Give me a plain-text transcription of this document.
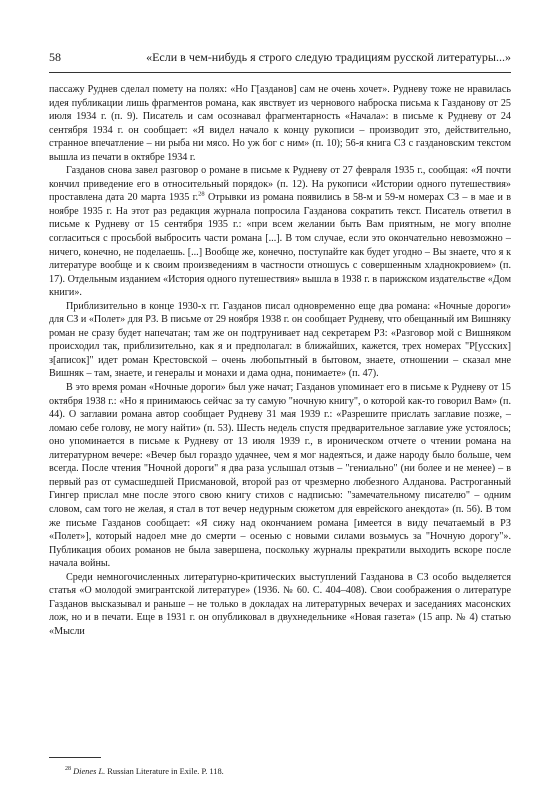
58	«Если в чем-нибудь я строго следую традициям русской литературы...»

пассажу Руднев сделал помету на полях: «Но Г[азданов] сам не очень хочет». Рудневу тоже не нравилась идея публикации лишь фрагментов романа, как явствует из чернового наброска письма к Газданову от 25 июля 1934 г. (п. 9). Писатель и сам осознавал фрагментарность «Начала»: в письме к Рудневу от 24 сентября 1934 г. он сообщает: «Я видел начало к концу рукописи – производит это, действительно, странное впечатление – ни рыба ни мясо. Но уж бог с ним» (п. 10); 56-я книга СЗ с газдановским текстом вышла из печати в октябре 1934 г.

Газданов снова завел разговор о романе в письме к Рудневу от 27 февраля 1935 г., сообщая: «Я почти кончил приведение его в относительный порядок» (п. 12). На рукописи «Истории одного путешествия» проставлена дата 20 марта 1935 г.$^{28}$ Отрывки из романа появились в 58-м и 59-м номерах СЗ – в мае и в ноябре 1935 г. На этот раз редакция журнала попросила Газданова сократить текст. Писатель ответил в письме к Рудневу от 15 сентября 1935 г.: «при всем желании быть Вам приятным, не могу вполне согласиться с просьбой выбросить части романа [...]. В том случае, если это окончательно невозможно – ничего, конечно, не поделаешь. [...] Вообще же, конечно, поступайте как будет угодно – Вы знаете, что я к литературе вообще и к своим произведениям в частности отношусь с совершенным хладнокровием» (п. 17). Отдельным изданием «История одного путешествия» вышла в 1938 г. в парижском издательстве «Дом книги».

Приблизительно в конце 1930-х гг. Газданов писал одновременно еще два романа: «Ночные дороги» для СЗ и «Полет» для РЗ. В письме от 29 ноября 1938 г. он сообщает Рудневу, что обещанный им Вишняку роман не сразу будет напечатан; там же он подтрунивает над секретарем РЗ: «Разговор мой с Вишняком происходил так, приблизительно, как я и предполагал: в ближайших, кажется, трех номерах "Р[усских] з[аписок]" идет роман Крестовской – очень любопытный в бытовом, знаете, отношении – сказал мне Вишняк – там, знаете, и генералы и монахи и дама одна, понимаете» (п. 47).

В это время роман «Ночные дороги» был уже начат; Газданов упоминает его в письме к Рудневу от 15 октября 1938 г.: «Но я принимаюсь сейчас за ту самую "ночную книгу", о которой как-то говорил Вам» (п. 44). О заглавии романа автор сообщает Рудневу 31 мая 1939 г.: «Разрешите прислать заглавие позже, – ломаю себе голову, не могу найти» (п. 53). Шесть недель спустя предварительное заглавие уже устоялось; оно упоминается в письме к Рудневу от 13 июля 1939 г., в ироническом отчете о чтении романа на литературном вечере: «Вечер был гораздо удачнее, чем я мог надеяться, и даже народу было больше, чем всегда. После чтения "Ночной дороги" я два раза услышал отзыв – "гениально" (ни более и не менее) – в первый раз от сумасшедшей Присмановой, второй раз от чрезмерно любезного Алданова. Растроганный Гингер прислал мне после этого свою книгу стихов с надписью: "замечательному писателю" – одним словом, сам того не желая, я стал в тот вечер недурным сюжетом для еврейского анекдота» (п. 56). В том же письме Газданов сообщает: «Я сижу над окончанием романа [имеется в виду печатаемый в РЗ «Полет»], который надоел мне до смерти – осенью с новыми силами возьмусь за "Ночную дорогу"». Публикация обоих романов не была завершена, поскольку журналы прекратили выходить вскоре после начала войны.

Среди немногочисленных литературно-критических выступлений Газданова в СЗ особо выделяется статья «О молодой эмигрантской литературе» (1936. № 60. С. 404–408). Свои соображения о литературе Газданов высказывал и раньше – не только в докладах на литературных вечерах и заседаниях масонских лож, но и в печати. Еще в 1931 г. он опубликовал в двухнедельнике «Новая газета» (15 апр. № 4) статью «Мысли

$^{28}$ Dienes L. Russian Literature in Exile. P. 118.
